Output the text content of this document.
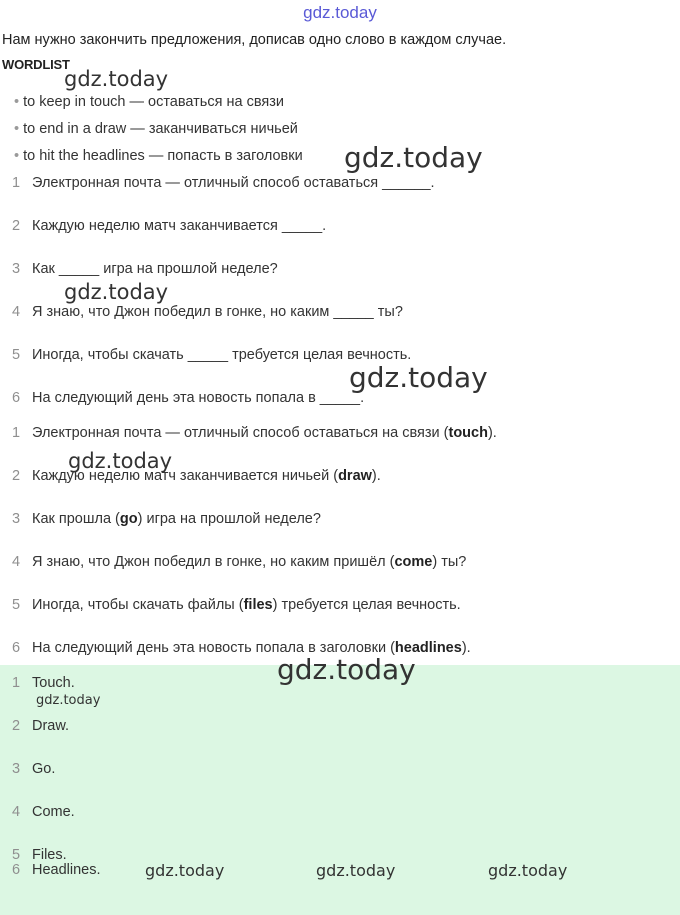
gdz.today
Нам нужно закончить предложения, дописав одно слово в каждом случае.
WORDLIST
• to keep in touch — оставаться на связи
• to end in a draw — заканчиваться ничьей
• to hit the headlines — попасть в заголовки
1 Электронная почта — отличный способ оставаться ______.
2 Каждую неделю матч заканчивается _____.
3 Как _____ игра на прошлой неделе?
4 Я знаю, что Джон победил в гонке, но каким _____ ты?
5 Иногда, чтобы скачать _____ требуется целая вечность.
6 На следующий день эта новость попала в _____.
1 Электронная почта — отличный способ оставаться на связи (touch).
2 Каждую неделю матч заканчивается ничьей (draw).
3 Как прошла (go) игра на прошлой неделе?
4 Я знаю, что Джон победил в гонке, но каким пришёл (come) ты?
5 Иногда, чтобы скачать файлы (files) требуется целая вечность.
6 На следующий день эта новость попала в заголовки (headlines).
1 Touch.
2 Draw.
3 Go.
4 Come.
5 Files.
6 Headlines.
gdz.today
gdz.today
gdz.today
gdz.today
gdz.today
gdz.today
gdz.today
gdz.today	gdz.today	gdz.today
